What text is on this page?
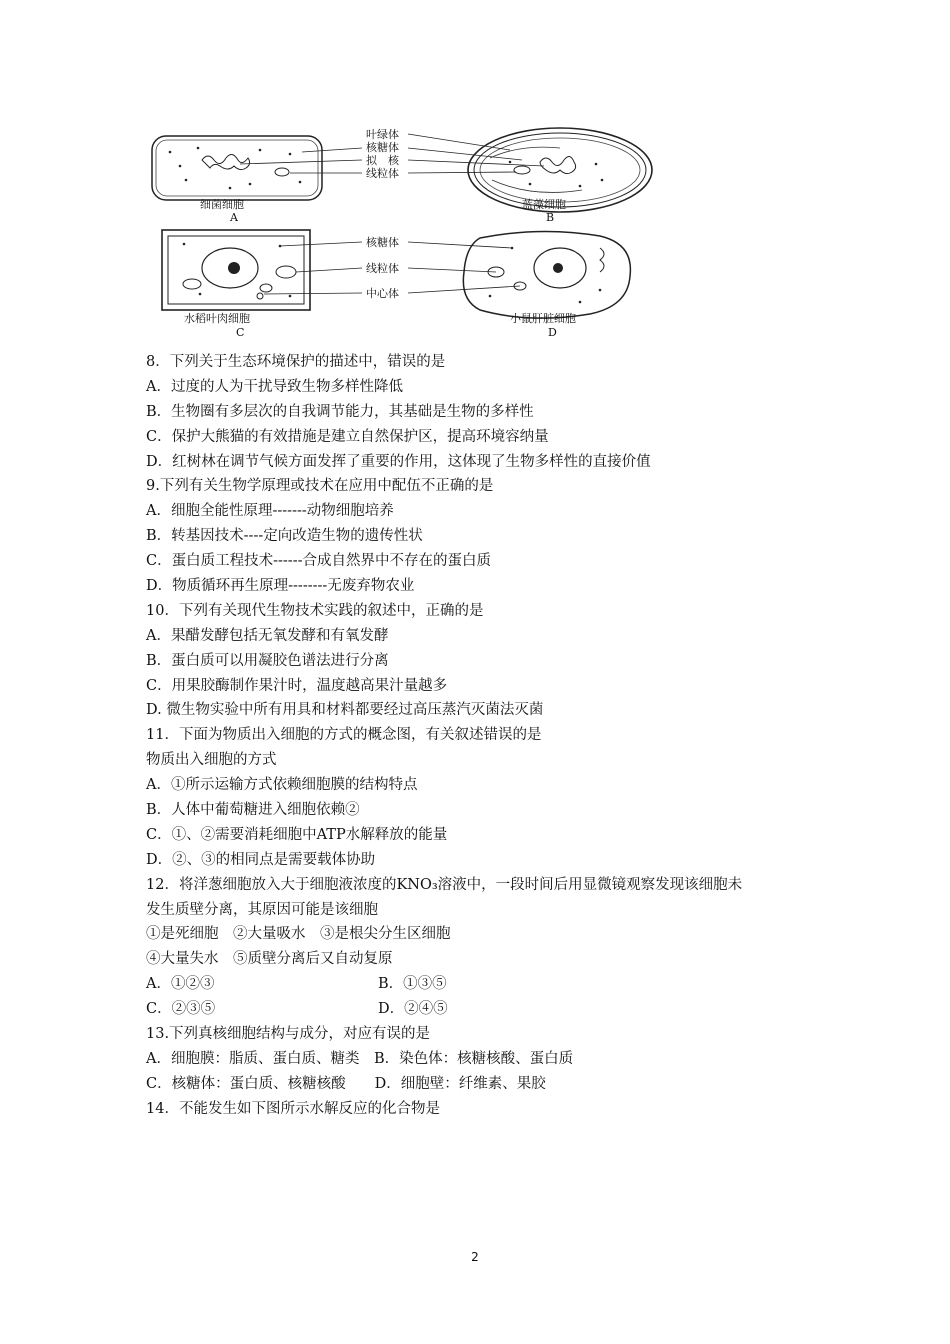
叶绿体
核糖体
拟　核
线粒体
细菌细胞
A
蓝藻细胞
B
核糖体
线粒体
中心体
水稻叶肉细胞
C
小鼠肝脏细胞
D
8．下列关于生态环境保护的描述中，错误的是
A．过度的人为干扰导致生物多样性降低
B．生物圈有多层次的自我调节能力，其基础是生物的多样性
C．保护大熊猫的有效措施是建立自然保护区，提高环境容纳量
D．红树林在调节气候方面发挥了重要的作用，这体现了生物多样性的直接价值
9.下列有关生物学原理或技术在应用中配伍不正确的是
A．细胞全能性原理-------动物细胞培养
B．转基因技术----定向改造生物的遗传性状
C．蛋白质工程技术------合成自然界中不存在的蛋白质
D．物质循环再生原理--------无废弃物农业
10．下列有关现代生物技术实践的叙述中，正确的是
A．果醋发酵包括无氧发酵和有氧发酵
B．蛋白质可以用凝胶色谱法进行分离
C．用果胶酶制作果汁时，温度越高果汁量越多
D. 微生物实验中所有用具和材料都要经过高压蒸汽灭菌法灭菌
11．下面为物质出入细胞的方式的概念图，有关叙述错误的是
物质出入细胞的方式
A．①所示运输方式依赖细胞膜的结构特点
B．人体中葡萄糖进入细胞依赖②
C．①、②需要消耗细胞中ATP水解释放的能量
D．②、③的相同点是需要载体协助
12．将洋葱细胞放入大于细胞液浓度的KNO₃溶液中，一段时间后用显微镜观察发现该细胞未
发生质壁分离，其原因可能是该细胞
①是死细胞　②大量吸水　③是根尖分生区细胞
④大量失水　⑤质壁分离后又自动复原
A．①②③	B．①③⑤
C．②③⑤	D．②④⑤
13.下列真核细胞结构与成分，对应有误的是
A．细胞膜：脂质、蛋白质、糖类　B．染色体：核糖核酸、蛋白质
C．核糖体：蛋白质、核糖核酸　　D．细胞壁：纤维素、果胶
14．不能发生如下图所示水解反应的化合物是
2
